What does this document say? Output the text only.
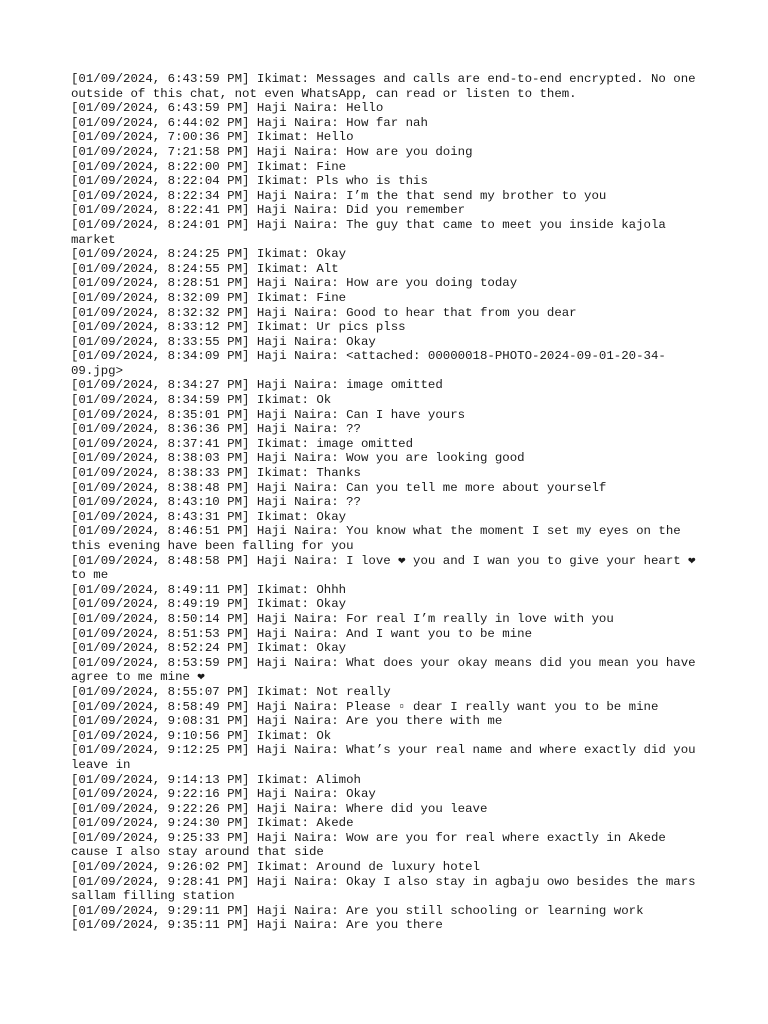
[01/09/2024, 6:43:59 PM] Ikimat: Messages and calls are end-to-end encrypted. No one outside of this chat, not even WhatsApp, can read or listen to them.
[01/09/2024, 6:43:59 PM] Haji Naira: Hello
[01/09/2024, 6:44:02 PM] Haji Naira: How far nah
[01/09/2024, 7:00:36 PM] Ikimat: Hello
[01/09/2024, 7:21:58 PM] Haji Naira: How are you doing
[01/09/2024, 8:22:00 PM] Ikimat: Fine
[01/09/2024, 8:22:04 PM] Ikimat: Pls who is this
[01/09/2024, 8:22:34 PM] Haji Naira: I’m the that send my brother to you
[01/09/2024, 8:22:41 PM] Haji Naira: Did you remember
[01/09/2024, 8:24:01 PM] Haji Naira: The guy that came to meet you inside kajola market
[01/09/2024, 8:24:25 PM] Ikimat: Okay
[01/09/2024, 8:24:55 PM] Ikimat: Alt
[01/09/2024, 8:28:51 PM] Haji Naira: How are you doing today
[01/09/2024, 8:32:09 PM] Ikimat: Fine
[01/09/2024, 8:32:32 PM] Haji Naira: Good to hear that from you dear
[01/09/2024, 8:33:12 PM] Ikimat: Ur pics plss
[01/09/2024, 8:33:55 PM] Haji Naira: Okay
[01/09/2024, 8:34:09 PM] Haji Naira: <attached: 00000018-PHOTO-2024-09-01-20-34-09.jpg>
[01/09/2024, 8:34:27 PM] Haji Naira: image omitted
[01/09/2024, 8:34:59 PM] Ikimat: Ok
[01/09/2024, 8:35:01 PM] Haji Naira: Can I have yours
[01/09/2024, 8:36:36 PM] Haji Naira: ??
[01/09/2024, 8:37:41 PM] Ikimat: image omitted
[01/09/2024, 8:38:03 PM] Haji Naira: Wow you are looking good
[01/09/2024, 8:38:33 PM] Ikimat: Thanks
[01/09/2024, 8:38:48 PM] Haji Naira: Can you tell me more about yourself
[01/09/2024, 8:43:10 PM] Haji Naira: ??
[01/09/2024, 8:43:31 PM] Ikimat: Okay
[01/09/2024, 8:46:51 PM] Haji Naira: You know what the moment I set my eyes on the this evening have been falling for you
[01/09/2024, 8:48:58 PM] Haji Naira: I love ❤ you and I wan you to give your heart ❤ to me
[01/09/2024, 8:49:11 PM] Ikimat: Ohhh
[01/09/2024, 8:49:19 PM] Ikimat: Okay
[01/09/2024, 8:50:14 PM] Haji Naira: For real I’m really in love with you
[01/09/2024, 8:51:53 PM] Haji Naira: And I want you to be mine
[01/09/2024, 8:52:24 PM] Ikimat: Okay
[01/09/2024, 8:53:59 PM] Haji Naira: What does your okay means did you mean you have agree to me mine ❤
[01/09/2024, 8:55:07 PM] Ikimat: Not really
[01/09/2024, 8:58:49 PM] Haji Naira: Please ▫ dear I really want you to be mine
[01/09/2024, 9:08:31 PM] Haji Naira: Are you there with me
[01/09/2024, 9:10:56 PM] Ikimat: Ok
[01/09/2024, 9:12:25 PM] Haji Naira: What’s your real name and where exactly did you leave in
[01/09/2024, 9:14:13 PM] Ikimat: Alimoh
[01/09/2024, 9:22:16 PM] Haji Naira: Okay
[01/09/2024, 9:22:26 PM] Haji Naira: Where did you leave
[01/09/2024, 9:24:30 PM] Ikimat: Akede
[01/09/2024, 9:25:33 PM] Haji Naira: Wow are you for real where exactly in Akede cause I also stay around that side
[01/09/2024, 9:26:02 PM] Ikimat: Around de luxury hotel
[01/09/2024, 9:28:41 PM] Haji Naira: Okay I also stay in agbaju owo besides the mars sallam filling station
[01/09/2024, 9:29:11 PM] Haji Naira: Are you still schooling or learning work
[01/09/2024, 9:35:11 PM] Haji Naira: Are you there
